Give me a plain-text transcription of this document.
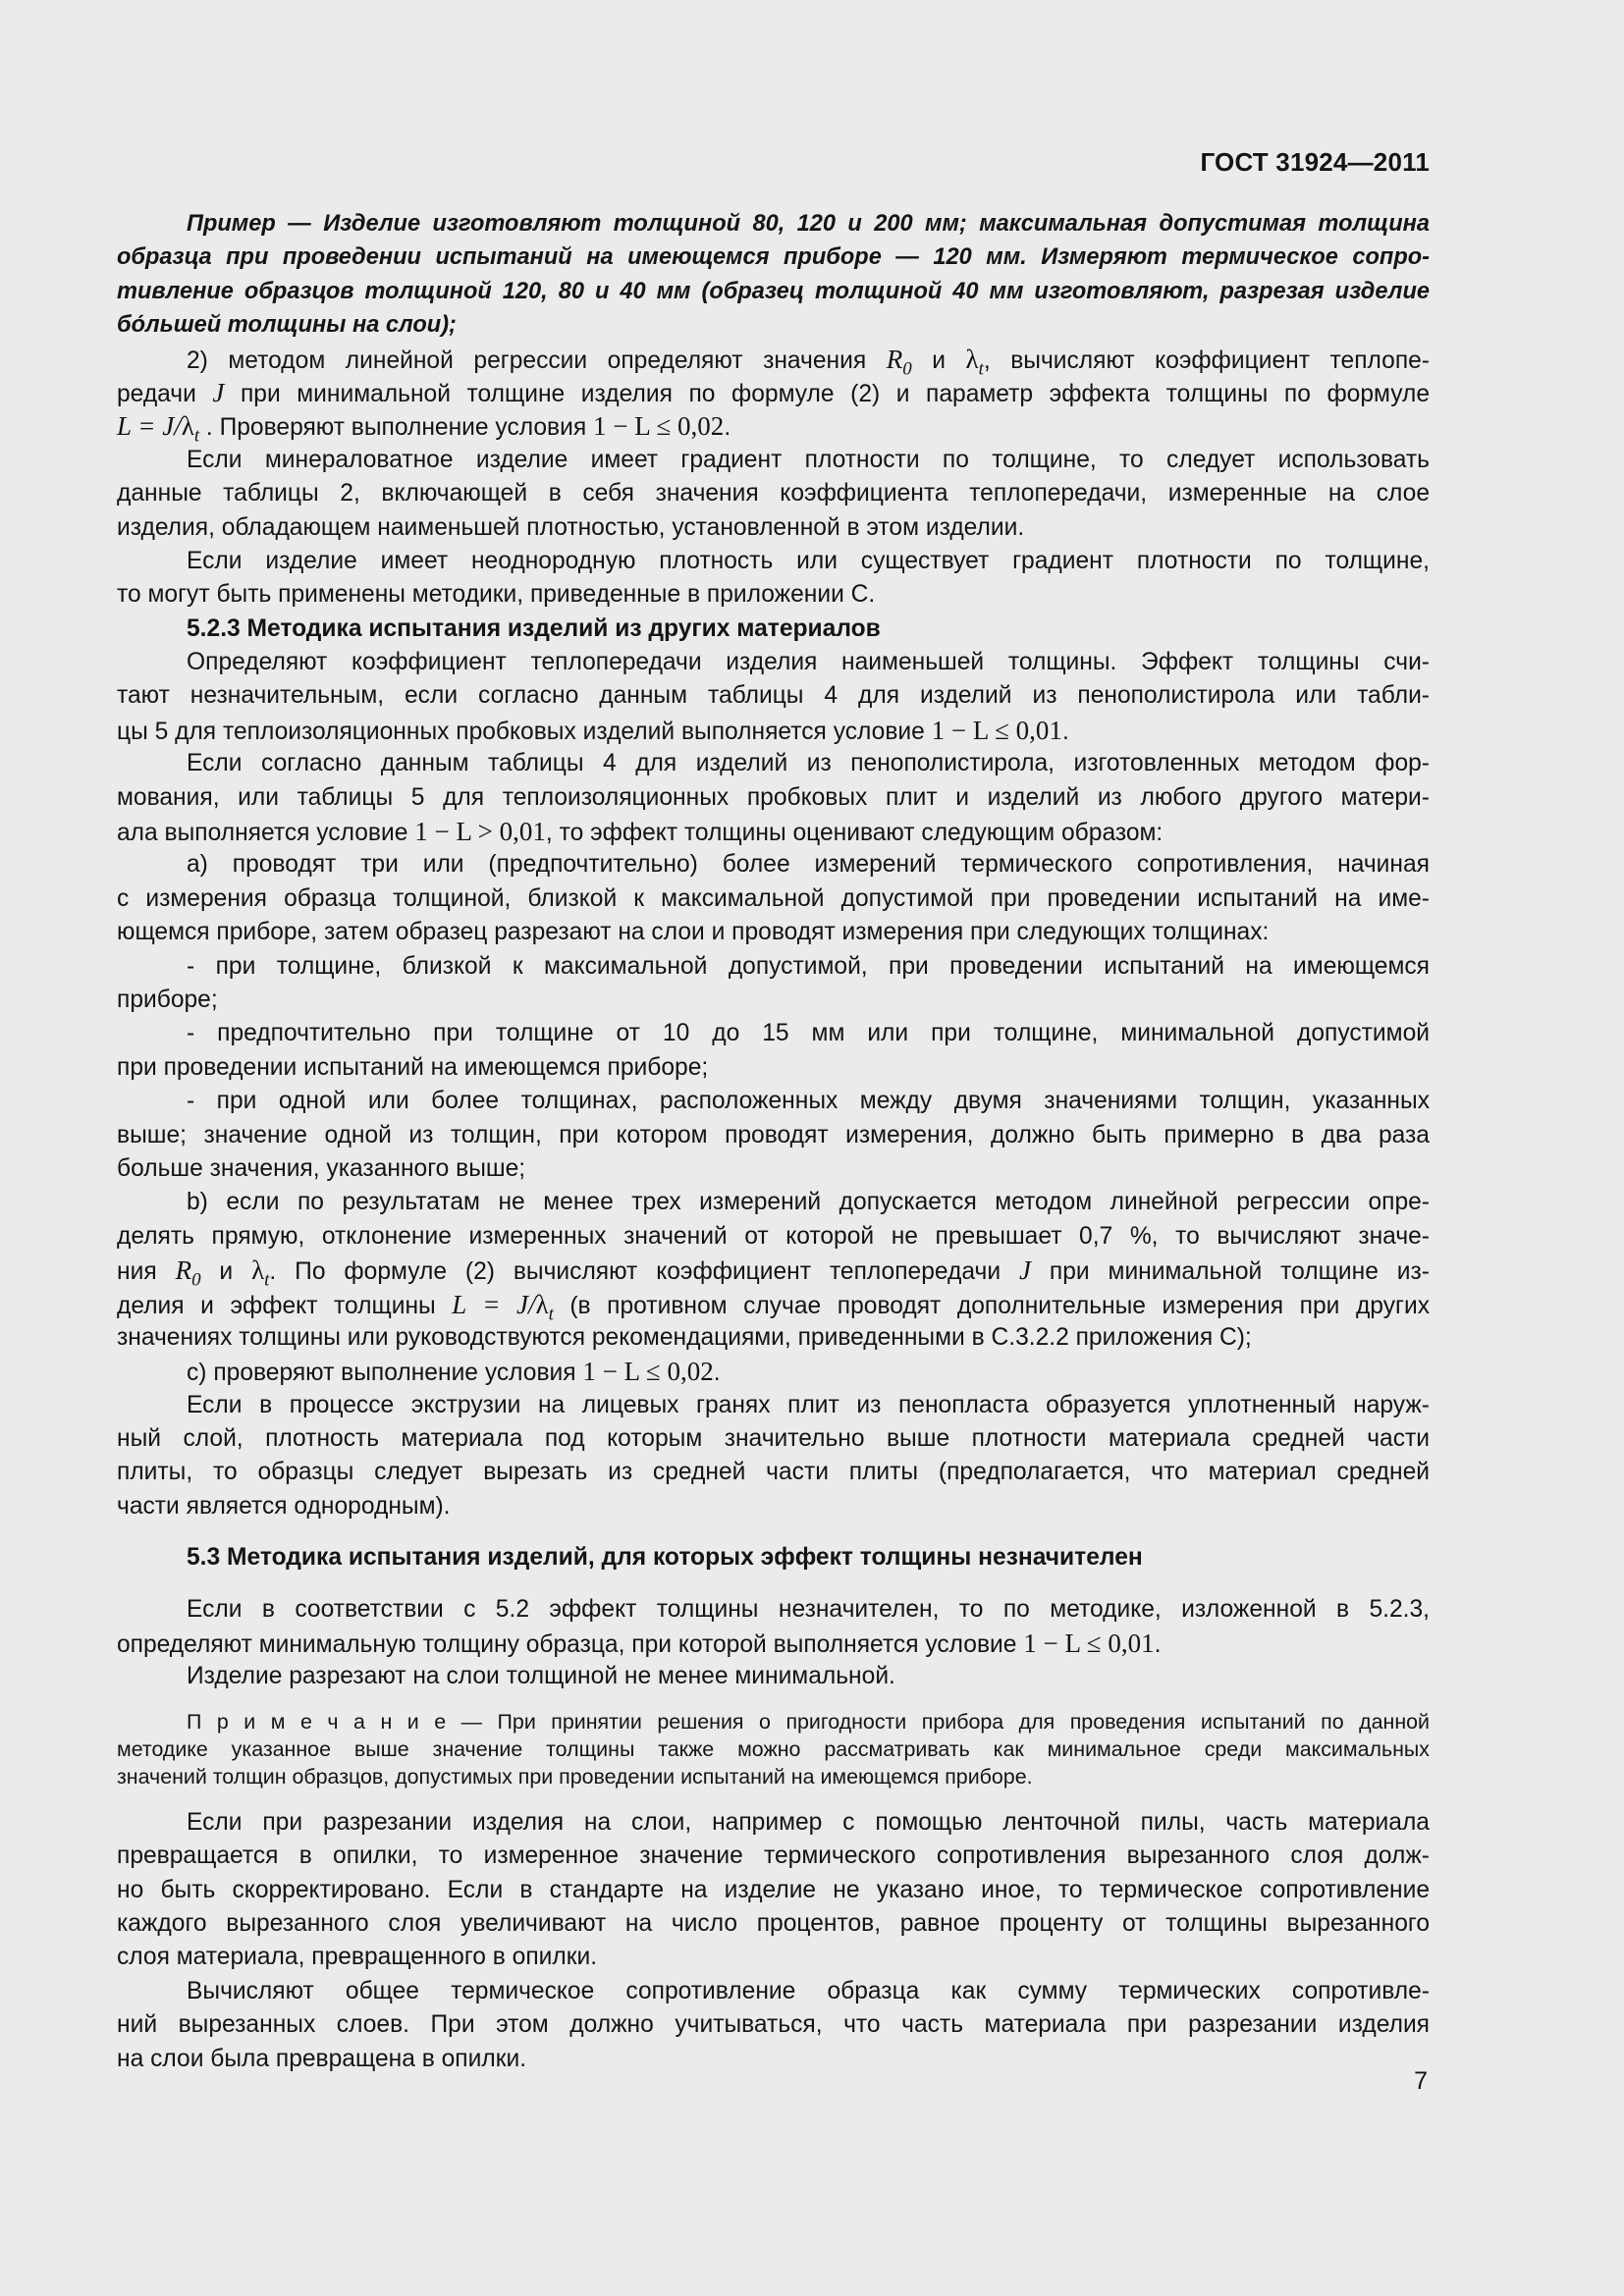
ГОСТ 31924—2011
Пример — Изделие изготовляют толщиной 80, 120 и 200 мм; максимальная допустимая толщина
образца при проведении испытаний на имеющемся приборе — 120 мм. Измеряют термическое сопро-
тивление образцов толщиной 120, 80 и 40 мм (образец толщиной 40 мм изготовляют, разрезая изделие
бо́льшей толщины на слои);
2) методом линейной регрессии определяют значения $R_0$ и $\lambda_t$, вычисляют коэффициент теплопе-
редачи J при минимальной толщине изделия по формуле (2) и параметр эффекта толщины по формуле
$L = J/\lambda_t$ . Проверяют выполнение условия 1 − L ≤ 0,02.
Если минераловатное изделие имеет градиент плотности по толщине, то следует использовать
данные таблицы 2, включающей в себя значения коэффициента теплопередачи, измеренные на слое
изделия, обладающем наименьшей плотностью, установленной в этом изделии.
Если изделие имеет неоднородную плотность или существует градиент плотности по толщине,
то могут быть применены методики, приведенные в приложении С.
5.2.3 Методика испытания изделий из других материалов
Определяют коэффициент теплопередачи изделия наименьшей толщины. Эффект толщины счи-
тают незначительным, если согласно данным таблицы 4 для изделий из пенополистирола или табли-
цы 5 для теплоизоляционных пробковых изделий выполняется условие 1 − L ≤ 0,01.
Если согласно данным таблицы 4 для изделий из пенополистирола, изготовленных методом фор-
мования, или таблицы 5 для теплоизоляционных пробковых плит и изделий из любого другого матери-
ала выполняется условие 1 − L > 0,01, то эффект толщины оценивают следующим образом:
а) проводят три или (предпочтительно) более измерений термического сопротивления, начиная
с измерения образца толщиной, близкой к максимальной допустимой при проведении испытаний на име-
ющемся приборе, затем образец разрезают на слои и проводят измерения при следующих толщинах:
- при толщине, близкой к максимальной допустимой, при проведении испытаний на имеющемся
приборе;
- предпочтительно при толщине от 10 до 15 мм или при толщине, минимальной допустимой
при проведении испытаний на имеющемся приборе;
- при одной или более толщинах, расположенных между двумя значениями толщин, указанных
выше; значение одной из толщин, при котором проводят измерения, должно быть примерно в два раза
больше значения, указанного выше;
b) если по результатам не менее трех измерений допускается методом линейной регрессии опре-
делять прямую, отклонение измеренных значений от которой не превышает 0,7 %, то вычисляют значе-
ния $R_0$ и $\lambda_t$. По формуле (2) вычисляют коэффициент теплопередачи J при минимальной толщине из-
делия и эффект толщины $L = J/\lambda_t$ (в противном случае проводят дополнительные измерения при других
значениях толщины или руководствуются рекомендациями, приведенными в С.3.2.2 приложения С);
c) проверяют выполнение условия 1 − L ≤ 0,02.
Если в процессе экструзии на лицевых гранях плит из пенопласта образуется уплотненный наруж-
ный слой, плотность материала под которым значительно выше плотности материала средней части
плиты, то образцы следует вырезать из средней части плиты (предполагается, что материал средней
части является однородным).
5.3 Методика испытания изделий, для которых эффект толщины незначителен
Если в соответствии с 5.2 эффект толщины незначителен, то по методике, изложенной в 5.2.3,
определяют минимальную толщину образца, при которой выполняется условие 1 − L ≤ 0,01.
Изделие разрезают на слои толщиной не менее минимальной.
П р и м е ч а н и е — При принятии решения о пригодности прибора для проведения испытаний по данной
методике указанное выше значение толщины также можно рассматривать как минимальное среди максимальных
значений толщин образцов, допустимых при проведении испытаний на имеющемся приборе.
Если при разрезании изделия на слои, например с помощью ленточной пилы, часть материала
превращается в опилки, то измеренное значение термического сопротивления вырезанного слоя долж-
но быть скорректировано. Если в стандарте на изделие не указано иное, то термическое сопротивление
каждого вырезанного слоя увеличивают на число процентов, равное проценту от толщины вырезанного
слоя материала, превращенного в опилки.
Вычисляют общее термическое сопротивление образца как сумму термических сопротивле-
ний вырезанных слоев. При этом должно учитываться, что часть материала при разрезании изделия
на слои была превращена в опилки.
7
